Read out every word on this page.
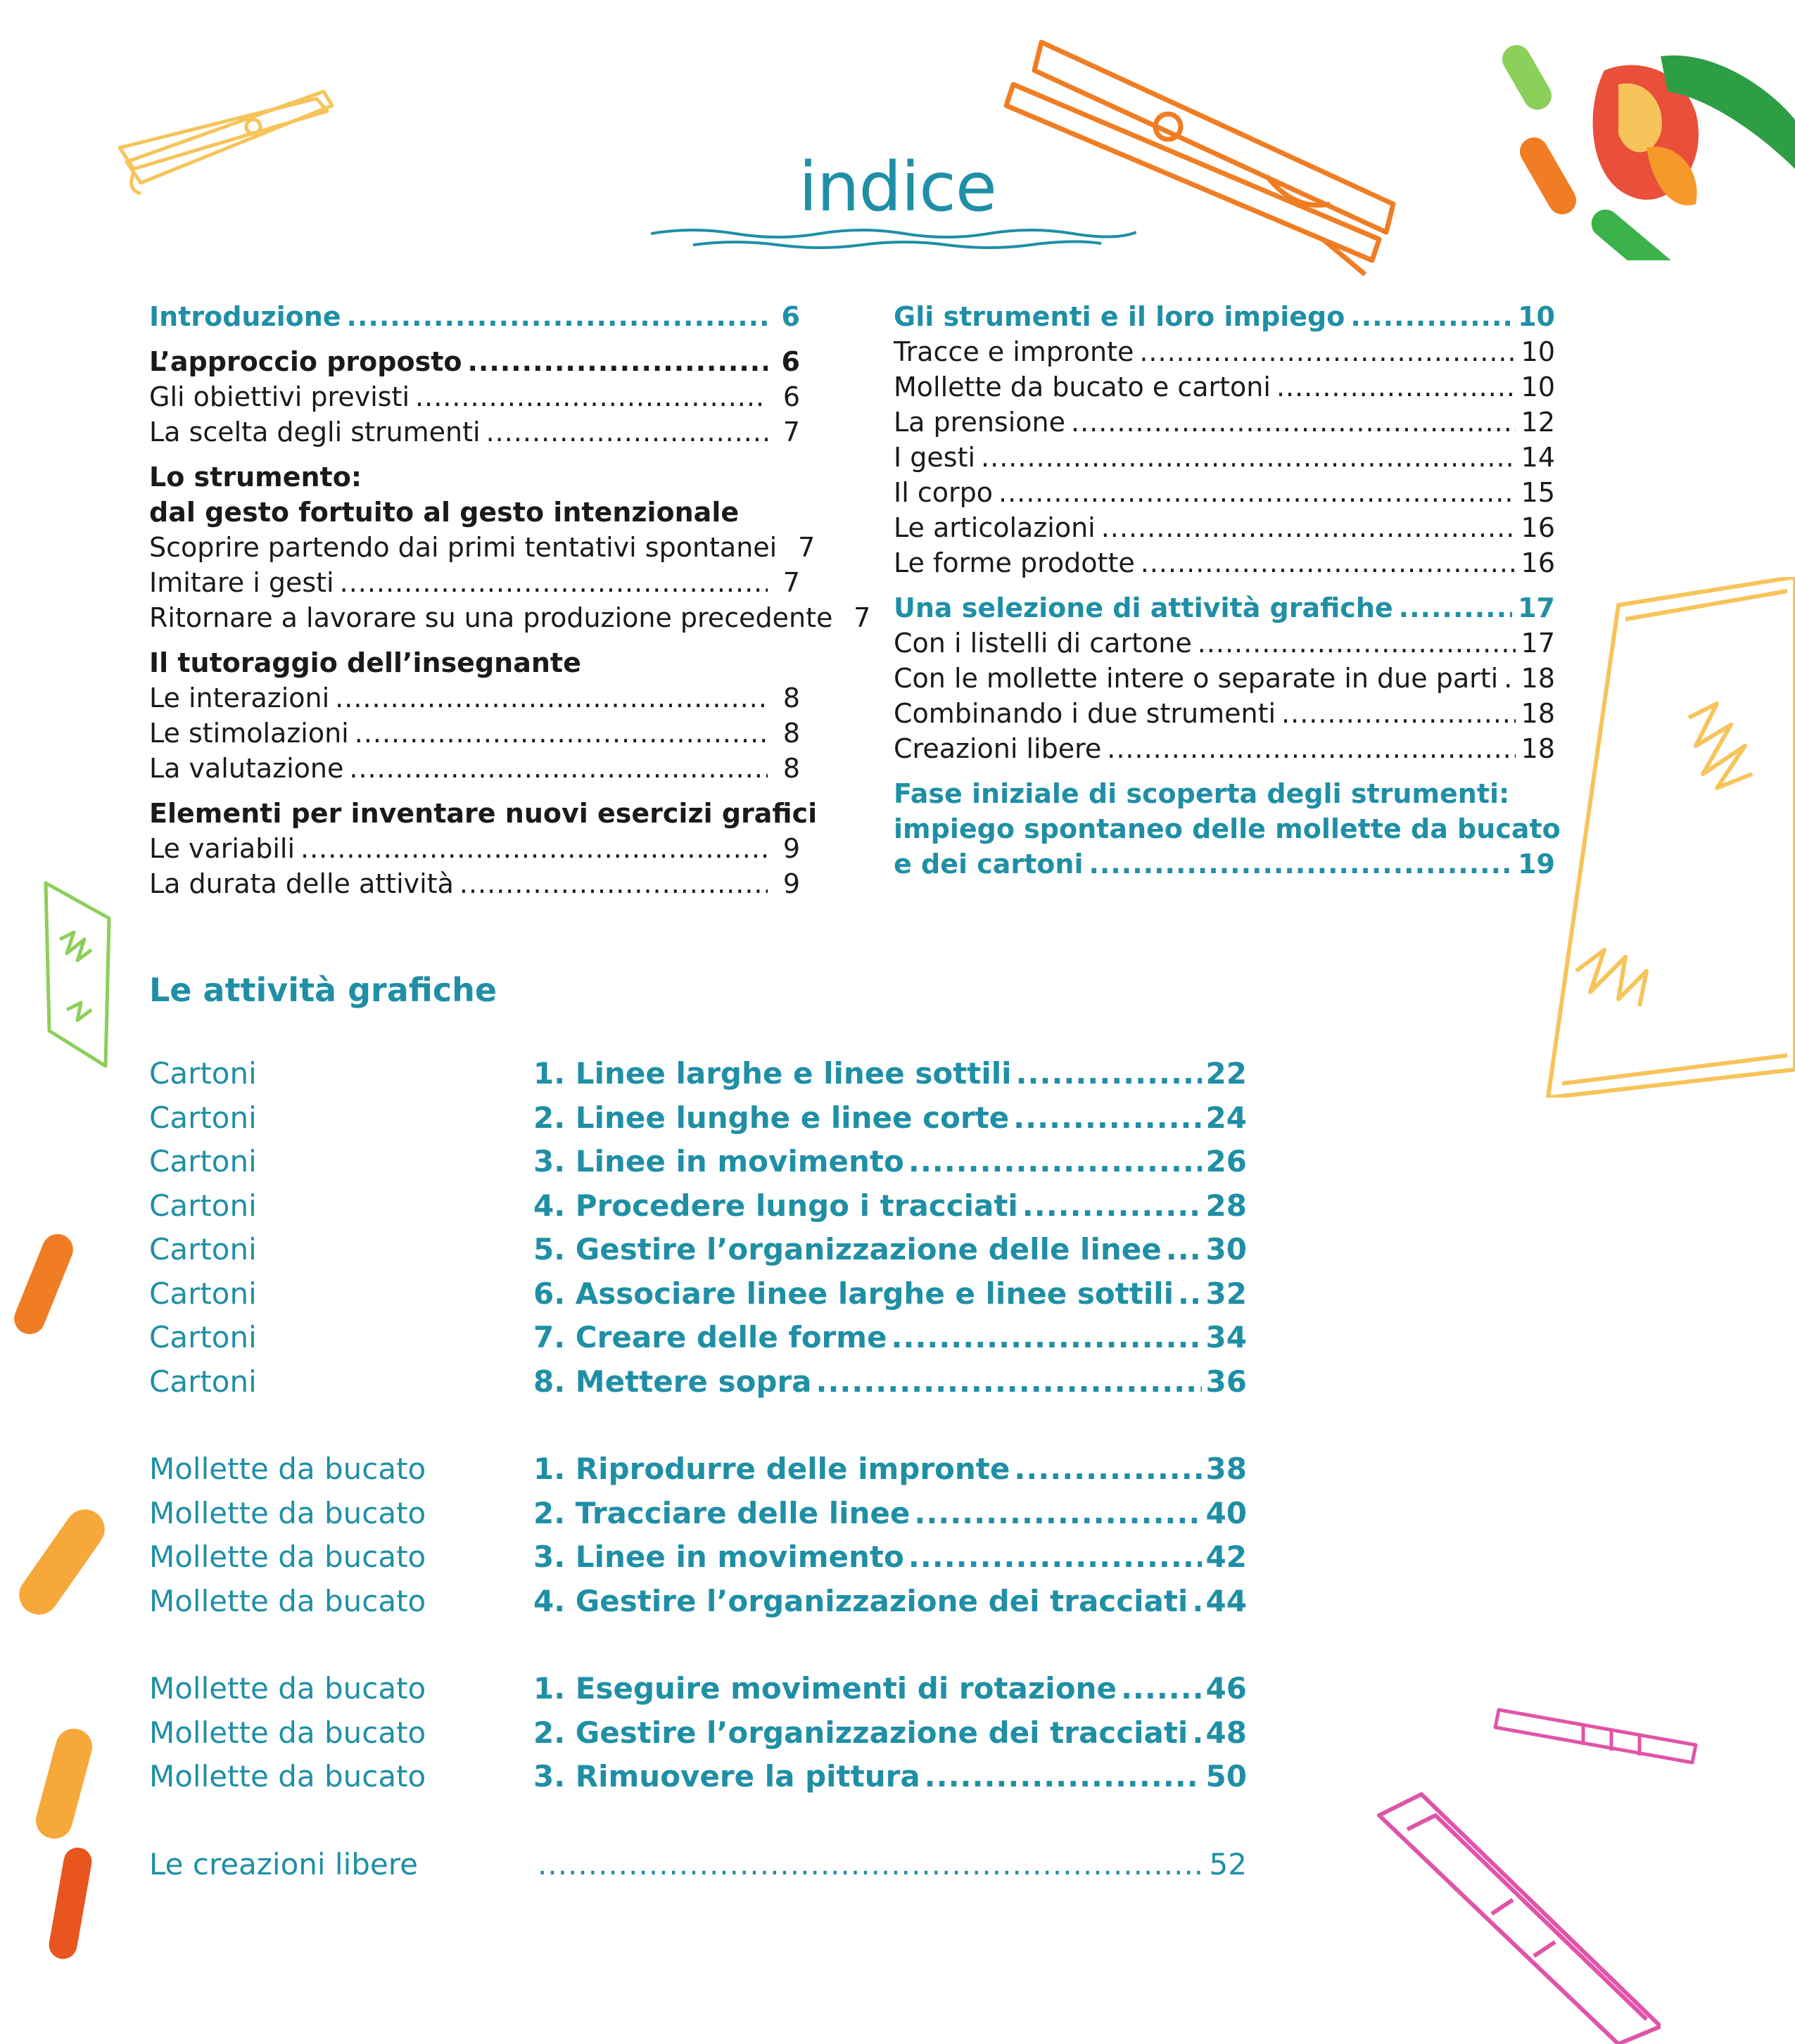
indice
Introduzione .....	6
L’approccio proposto .....	6
Gli obiettivi previsti .....	6
La scelta degli strumenti .....	7
Lo strumento:
dal gesto fortuito al gesto intenzionale
Scoprire partendo dai primi tentativi spontanei 7
Imitare i gesti .....	7
Ritornare a lavorare su una produzione precedente 7
Il tutoraggio dell’insegnante
Le interazioni .....	8
Le stimolazioni .....	8
La valutazione .....	8
Elementi per inventare nuovi esercizi grafici
Le variabili .....	9
La durata delle attività .....	9
Gli strumenti e il loro impiego .....	10
Tracce e impronte .....	10
Mollette da bucato e cartoni .....	10
La prensione .....	12
I gesti .....	14
Il corpo .....	15
Le articolazioni .....	16
Le forme prodotte .....	16
Una selezione di attività grafiche .....	17
Con i listelli di cartone .....	17
Con le mollette intere o separate in due parti ..... 18
Combinando i due strumenti .....	18
Creazioni libere .....	18
Fase iniziale di scoperta degli strumenti:
impiego spontaneo delle mollette da bucato
e dei cartoni .....	19
Le attività grafiche
Cartoni	1. Linee larghe e linee sottili .....	22
Cartoni	2. Linee lunghe e linee corte .....	24
Cartoni	3. Linee in movimento .....	26
Cartoni	4. Procedere lungo i tracciati .....	28
Cartoni	5. Gestire l’organizzazione delle linee ..... 30
Cartoni	6. Associare linee larghe e linee sottili ..... 32
Cartoni	7. Creare delle forme .....	34
Cartoni	8. Mettere sopra .....	36
Mollette da bucato	1. Riprodurre delle impronte .....	38
Mollette da bucato	2. Tracciare delle linee .....	40
Mollette da bucato	3. Linee in movimento .....	42
Mollette da bucato	4. Gestire l’organizzazione dei tracciati ..... 44
Mollette da bucato	1. Eseguire movimenti di rotazione .....	46
Mollette da bucato	2. Gestire l’organizzazione dei tracciati ..... 48
Mollette da bucato	3. Rimuovere la pittura .....	50
Le creazioni libere .....	52
